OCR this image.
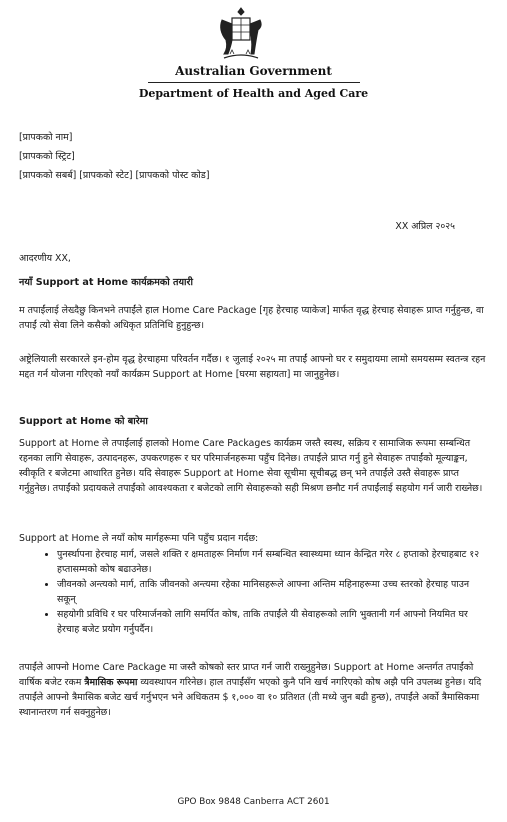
Australian Government
Department of Health and Aged Care
[प्रापकको नाम]
[प्रापकको स्ट्रिट]
[प्रापकको सबर्ब] [प्रापकको स्टेट] [प्रापकको पोस्ट कोड]
XX अप्रिल २०२५
आदरणीय XX,
नयाँ Support at Home कार्यक्रमको तयारी

म तपाईंलाई लेख्दैछु किनभने तपाईंले हाल Home Care Package [गृह हेरचाह प्याकेज] मार्फत वृद्ध हेरचाह सेवाहरू प्राप्त गर्नुहुन्छ, वा तपाईं त्यो सेवा लिने कसैको अधिकृत प्रतिनिधि हुनुहुन्छ।

अष्ट्रेलियाली सरकारले इन-होम वृद्ध हेरचाहमा परिवर्तन गर्दैछ। १ जुलाई २०२५ मा तपाईं आफ्नो घर र समुदायमा लामो समयसम्म स्वतन्त्र रहन मद्दत गर्न योजना गरिएको नयाँ कार्यक्रम Support at Home [घरमा सहायता] मा जानुहुनेछ।

Support at Home को बारेमा

Support at Home ले तपाईंलाई हालको Home Care Packages कार्यक्रम जस्तै स्वस्थ, सक्रिय र सामाजिक रूपमा सम्बन्धित रहनका लागि सेवाहरू, उत्पादनहरू, उपकरणहरू र घर परिमार्जनहरूमा पहुँच दिनेछ। तपाईंले प्राप्त गर्नु हुने सेवाहरू तपाईंको मूल्याङ्कन, स्वीकृति र बजेटमा आधारित हुनेछ। यदि सेवाहरू Support at Home सेवा सूचीमा सूचीबद्ध छन् भने तपाईंले उस्तै सेवाहरू प्राप्त गर्नुहुनेछ। तपाईंको प्रदायकले तपाईंको आवश्यकता र बजेटको लागि सेवाहरूको सही मिश्रण छनौट गर्न तपाईंलाई सहयोग गर्न जारी राख्नेछ।

Support at Home ले नयाँ कोष मार्गहरूमा पनि पहुँच प्रदान गर्दछ:

• पुनर्स्थापना हेरचाह मार्ग, जसले शक्ति र क्षमताहरू निर्माण गर्न सम्बन्धित स्वास्थ्यमा ध्यान केन्द्रित गरेर ८ हप्ताको हेरचाहबाट १२ हप्तासम्मको कोष बढाउनेछ।
• जीवनको अन्त्यको मार्ग, ताकि जीवनको अन्त्यमा रहेका मानिसहरूले आफ्ना अन्तिम महिनाहरूमा उच्च स्तरको हेरचाह पाउन सकून्
• सहयोगी प्रविधि र घर परिमार्जनको लागि समर्पित कोष, ताकि तपाईंले यी सेवाहरूको लागि भुक्तानी गर्न आफ्नो नियमित घर हेरचाह बजेट प्रयोग गर्नुपर्दैन।

तपाईंले आफ्नो Home Care Package मा जस्तै कोषको स्तर प्राप्त गर्न जारी राख्नुहुनेछ। Support at Home अन्तर्गत तपाईंको वार्षिक बजेट रकम त्रैमासिक रूपमा व्यवस्थापन गरिनेछ। हाल तपाईंसँग भएको कुनै पनि खर्च नगरिएको कोष अझै पनि उपलब्ध हुनेछ। यदि तपाईंले आफ्नो त्रैमासिक बजेट खर्च गर्नुभएन भने अधिकतम $ १,००० वा १० प्रतिशत (ती मध्ये जुन बढी हुन्छ), तपाईंले अर्को त्रैमासिकमा स्थानान्तरण गर्न सक्नुहुनेछ।

GPO Box 9848 Canberra ACT 2601
